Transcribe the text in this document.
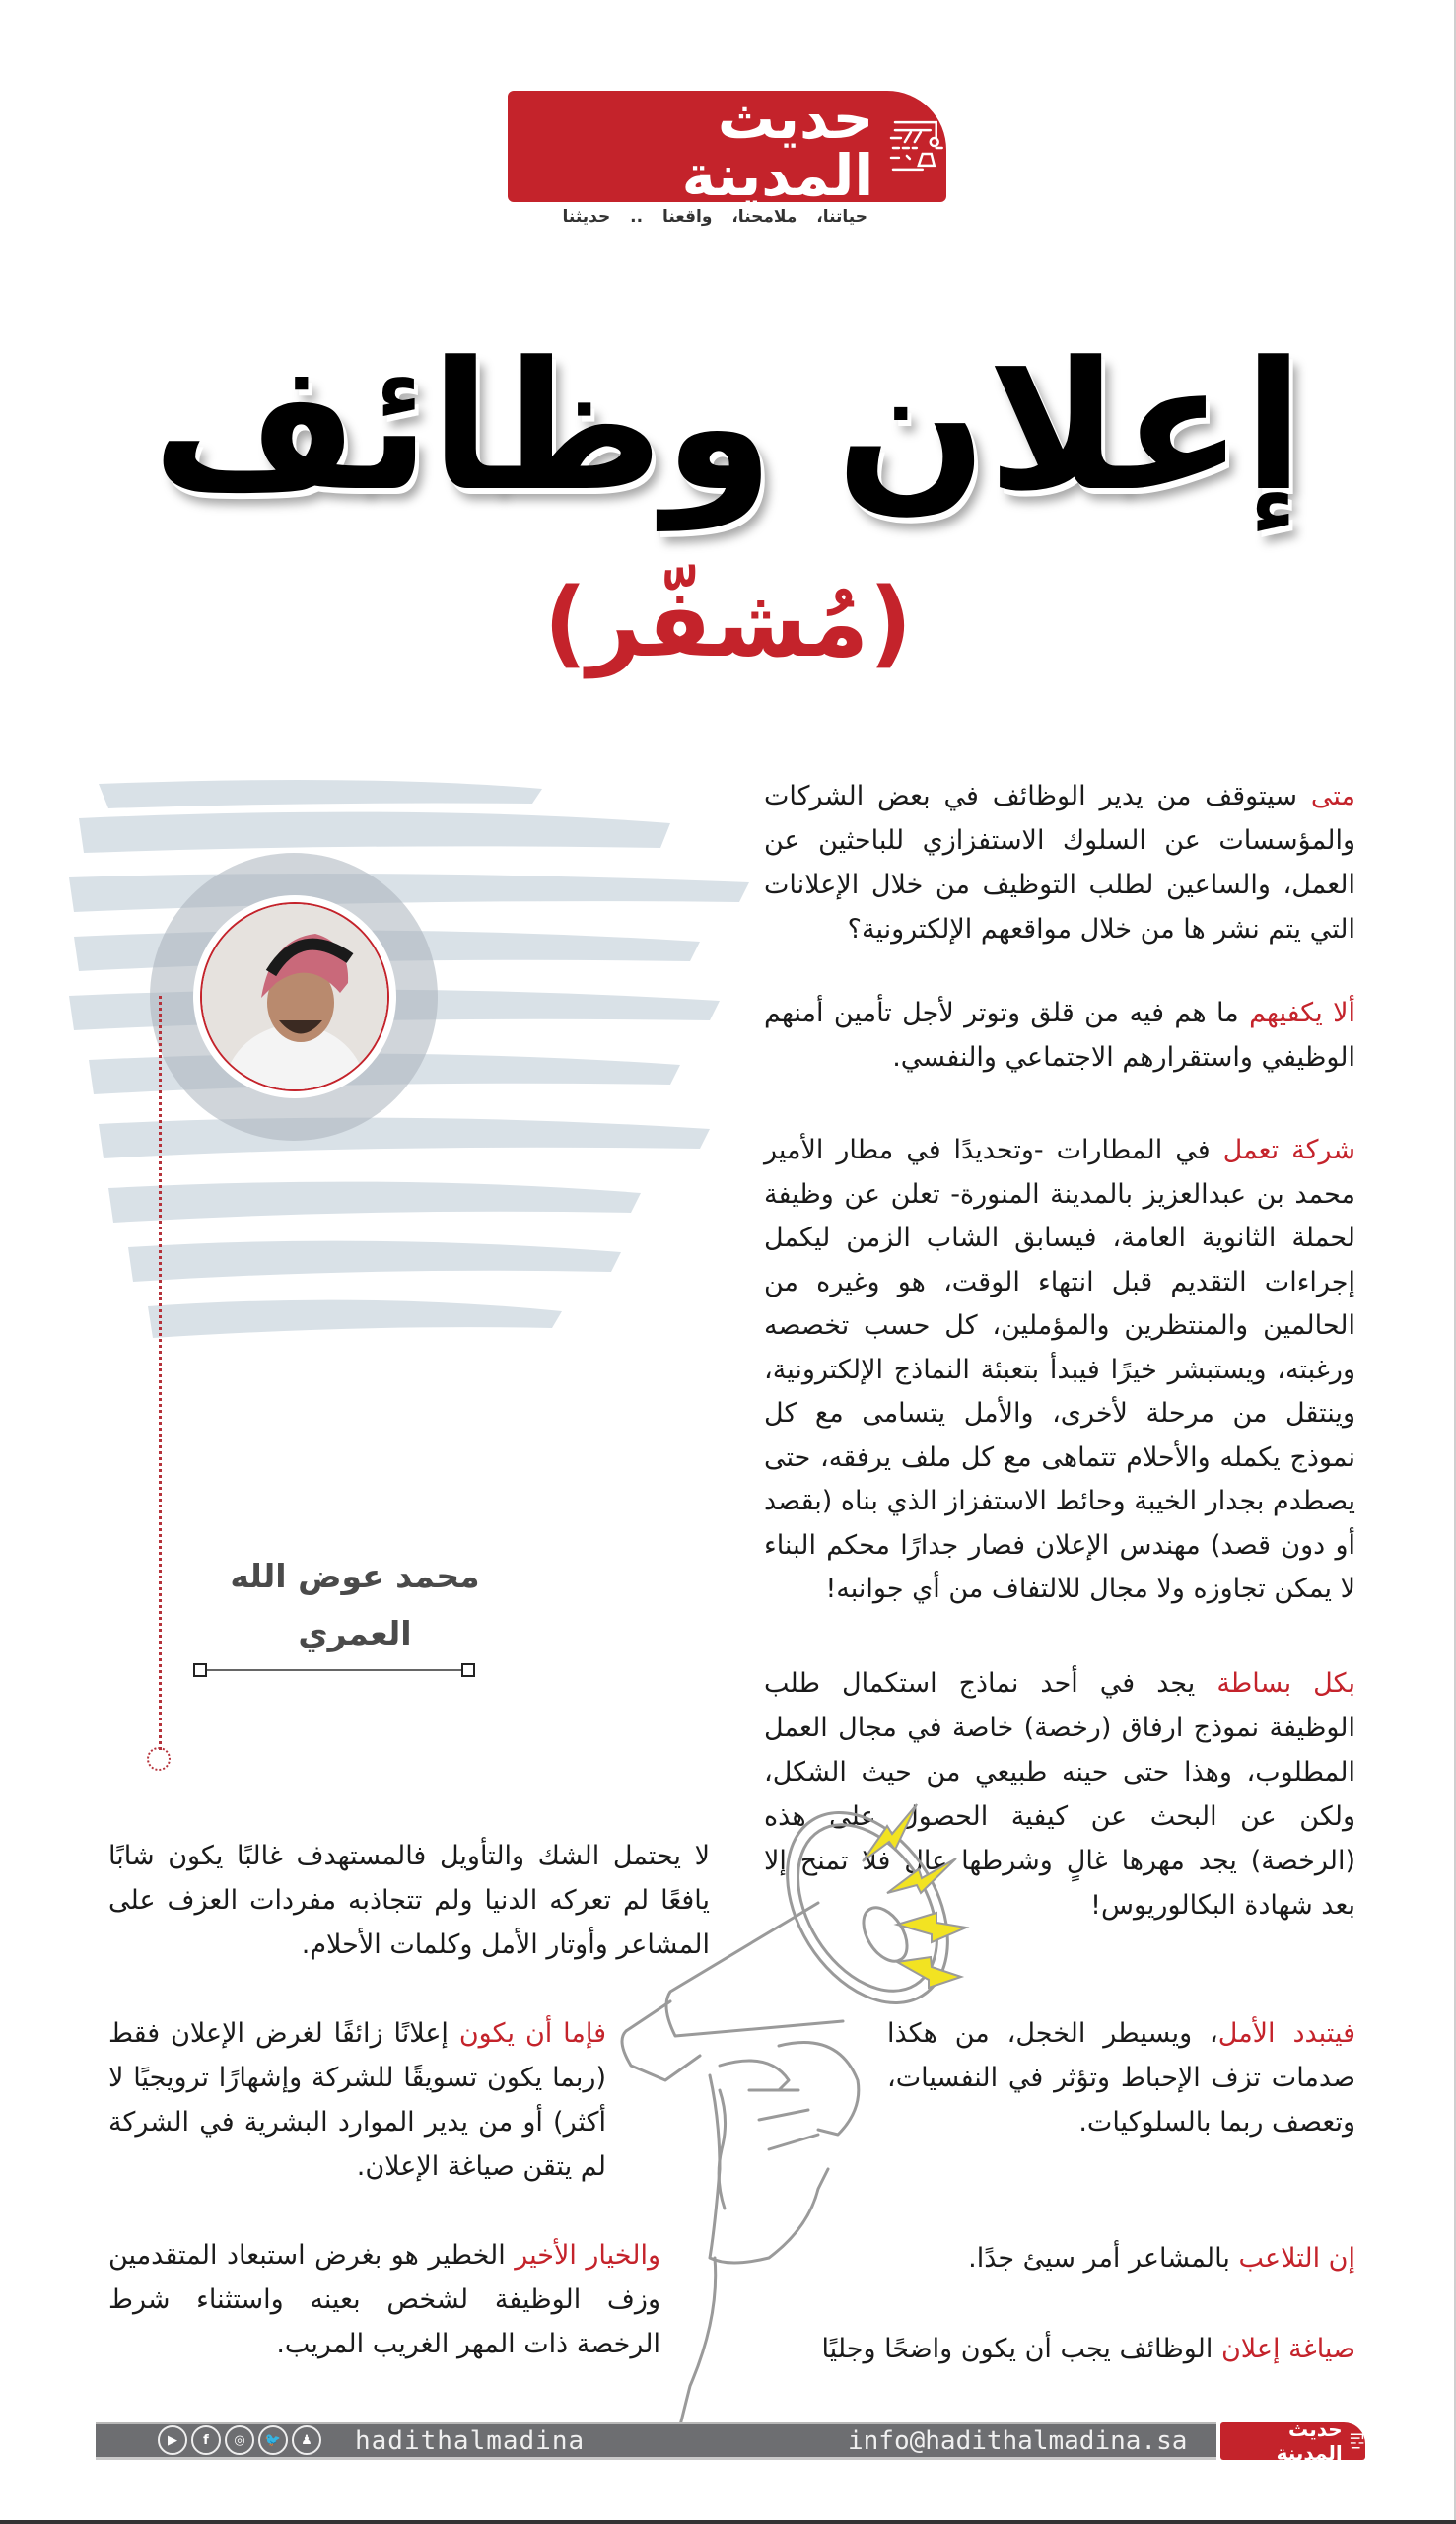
حديث المدينة
حياتنا، ملامحنا، واقعنا .. حديثنا
إعلان وظائف
(مُشفّر)
محمد عوض الله
العمري
متى سيتوقف من يدير الوظائف في بعض الشركات والمؤسسات عن السلوك الاستفزازي للباحثين عن العمل، والساعين لطلب التوظيف من خلال الإعلانات التي يتم نشر ها من خلال مواقعهم الإلكترونية؟
ألا يكفيهم ما هم فيه من قلق وتوتر لأجل تأمين أمنهم الوظيفي واستقرارهم الاجتماعي والنفسي.
شركة تعمل في المطارات -وتحديدًا في مطار الأمير محمد بن عبدالعزيز بالمدينة المنورة- تعلن عن وظيفة لحملة الثانوية العامة، فيسابق الشاب الزمن ليكمل إجراءات التقديم قبل انتهاء الوقت، هو وغيره من الحالمين والمنتظرين والمؤملين، كل حسب تخصصه ورغبته، ويستبشر خيرًا فيبدأ بتعبئة النماذج الإلكترونية، وينتقل من مرحلة لأخرى، والأمل يتسامى مع كل نموذج يكمله والأحلام تتماهى مع كل ملف يرفقه، حتى يصطدم بجدار الخيبة وحائط الاستفزاز الذي بناه (بقصد أو دون قصد) مهندس الإعلان فصار جدارًا محكم البناء لا يمكن تجاوزه ولا مجال للالتفاف من أي جوانبه!
بكل بساطة يجد في أحد نماذج استكمال طلب الوظيفة نموذج ارفاق (رخصة) خاصة في مجال العمل المطلوب، وهذا حتى حينه طبيعي من حيث الشكل، ولكن عن البحث عن كيفية الحصول على هذه (الرخصة) يجد مهرها غالٍ وشرطها عالٍ فلا تمنح إلا بعد شهادة البكالوريوس!
فيتبدد الأمل، ويسيطر الخجل، من هكذا صدمات تزف الإحباط وتؤثر في النفسيات، وتعصف ربما بالسلوكيات.
إن التلاعب بالمشاعر أمر سيئ جدًا.
صياغة إعلان الوظائف يجب أن يكون واضحًا وجليًا
لا يحتمل الشك والتأويل فالمستهدف غالبًا يكون شابًا يافعًا لم تعركه الدنيا ولم تتجاذبه مفردات العزف على المشاعر وأوتار الأمل وكلمات الأحلام.
فإما أن يكون إعلانًا زائفًا لغرض الإعلان فقط (ربما يكون تسويقًا للشركة وإشهارًا ترويجيًا لا أكثر) أو من يدير الموارد البشرية في الشركة لم يتقن صياغة الإعلان.
والخيار الأخير الخطير هو بغرض استبعاد المتقدمين وزف الوظيفة لشخص بعينه واستثناء شرط الرخصة ذات المهر الغريب المريب.
▶	f	◎	🐦	♟	hadithalmadina	info@hadithalmadina.sa	حديث المدينة
